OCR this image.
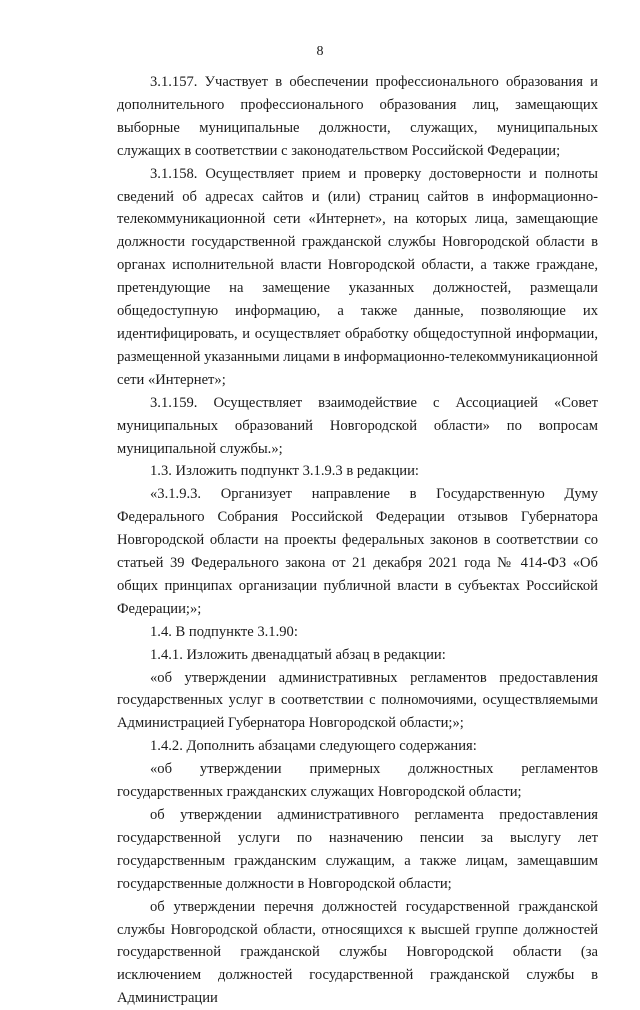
8

3.1.157. Участвует в обеспечении профессионального образования и дополнительного профессионального образования лиц, замещающих выборные муниципальные должности, служащих, муниципальных служащих в соответствии с законодательством Российской Федерации;

3.1.158. Осуществляет прием и проверку достоверности и полноты сведений об адресах сайтов и (или) страниц сайтов в информационно-телекоммуникационной сети «Интернет», на которых лица, замещающие должности государственной гражданской службы Новгородской области в органах исполнительной власти Новгородской области, а также граждане, претендующие на замещение указанных должностей, размещали общедоступную информацию, а также данные, позволяющие их идентифицировать, и осуществляет обработку общедоступной информации, размещенной указанными лицами в информационно-телекоммуникационной сети «Интернет»;

3.1.159. Осуществляет взаимодействие с Ассоциацией «Совет муниципальных образований Новгородской области» по вопросам муниципальной службы.»;

1.3. Изложить подпункт 3.1.9.3 в редакции:

«3.1.9.3. Организует направление в Государственную Думу Федерального Собрания Российской Федерации отзывов Губернатора Новгородской области на проекты федеральных законов в соответствии со статьей 39 Федерального закона от 21 декабря 2021 года № 414-ФЗ «Об общих принципах организации публичной власти в субъектах Российской Федерации;»;

1.4. В подпункте 3.1.90:

1.4.1. Изложить двенадцатый абзац в редакции:

«об утверждении административных регламентов предоставления государственных услуг в соответствии с полномочиями, осуществляемыми Администрацией Губернатора Новгородской области;»;

1.4.2. Дополнить абзацами следующего содержания:

«об утверждении примерных должностных регламентов государственных гражданских служащих Новгородской области;

об утверждении административного регламента предоставления государственной услуги по назначению пенсии за выслугу лет государственным гражданским служащим, а также лицам, замещавшим государственные должности в Новгородской области;

об утверждении перечня должностей государственной гражданской службы Новгородской области, относящихся к высшей группе должностей государственной гражданской службы Новгородской области (за исключением должностей государственной гражданской службы в Администрации
